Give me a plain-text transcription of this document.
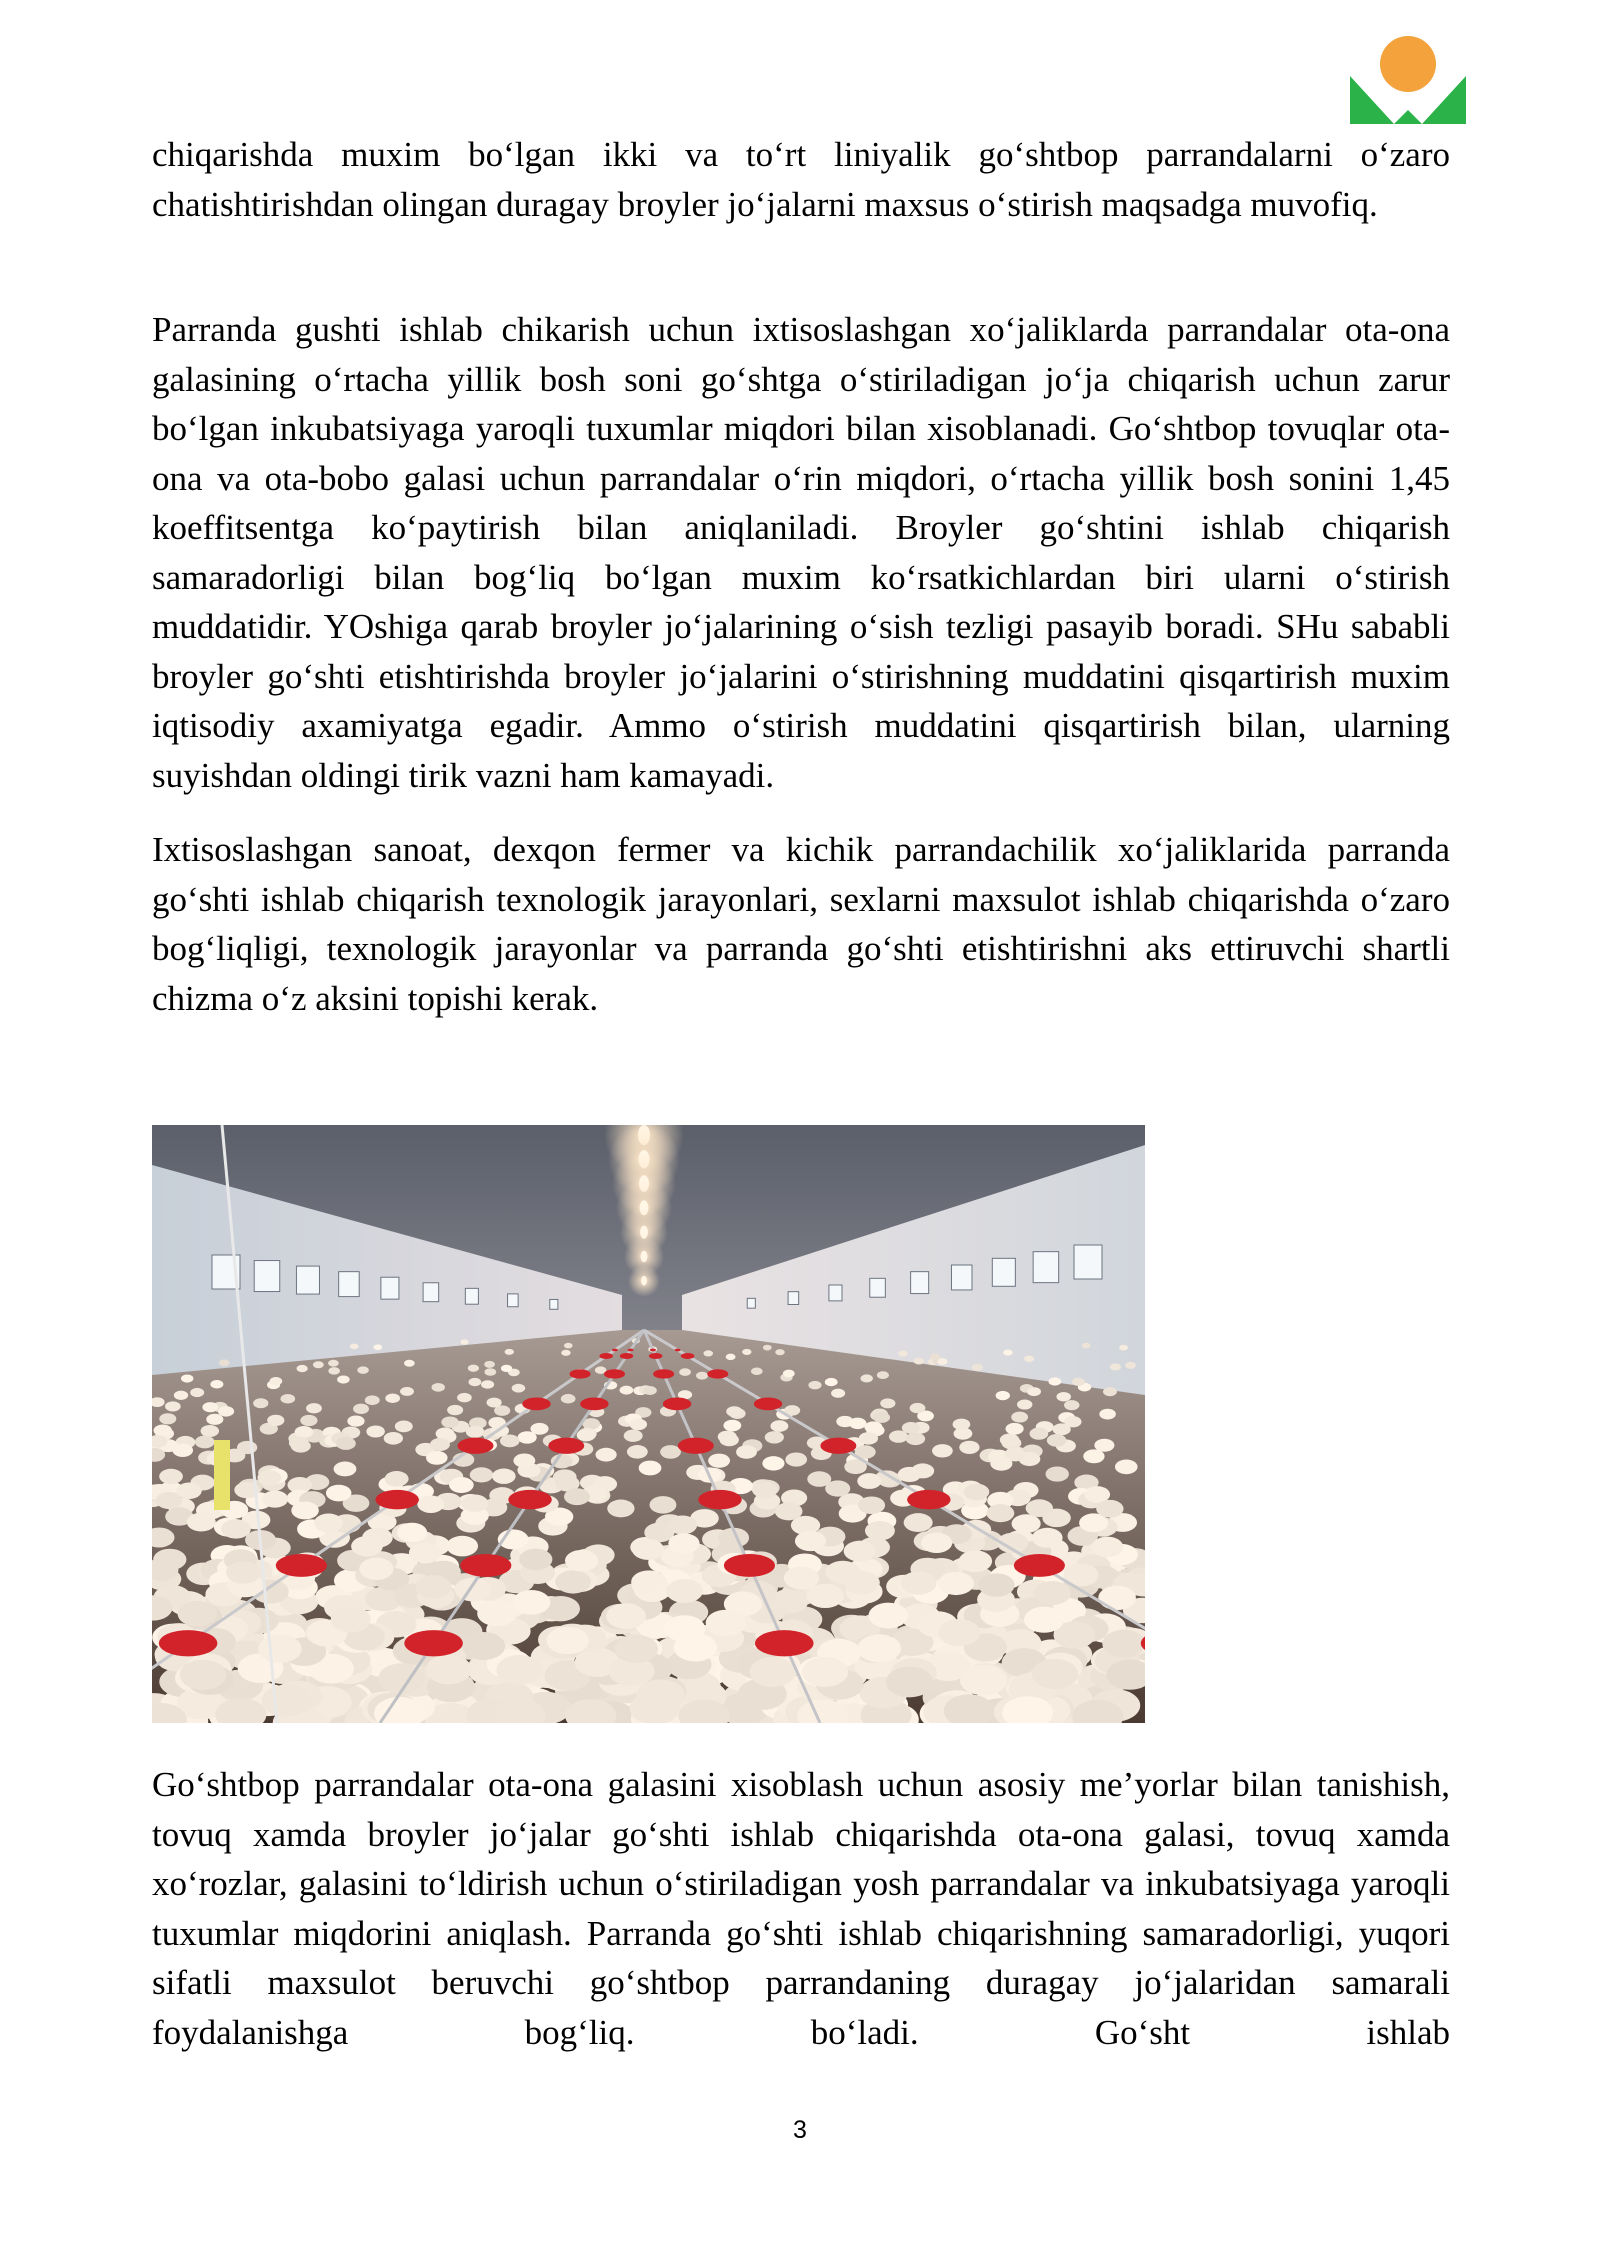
chiqarishda muxim bo‘lgan ikki va to‘rt liniyalik go‘shtbop parrandalarni o‘zaro chatishtirishdan olingan duragay broyler jo‘jalarni maxsus o‘stirish maqsadga muvofiq.

Parranda gushti ishlab chikarish uchun ixtisoslashgan xo‘jaliklarda parrandalar ota-ona galasining o‘rtacha yillik bosh soni go‘shtga o‘stiriladigan jo‘ja chiqarish uchun zarur bo‘lgan inkubatsiyaga yaroqli tuxumlar miqdori bilan xisoblanadi. Go‘shtbop tovuqlar ota-ona va ota-bobo galasi uchun parrandalar o‘rin miqdori, o‘rtacha yillik bosh sonini 1,45 koeffitsentga ko‘paytirish bilan aniqlaniladi. Broyler go‘shtini ishlab chiqarish samaradorligi bilan bog‘liq bo‘lgan muxim ko‘rsatkichlardan biri ularni o‘stirish muddatidir. YOshiga qarab broyler jo‘jalarining o‘sish tezligi pasayib boradi. SHu sababli broyler go‘shti etishtirishda broyler jo‘jalarini o‘stirishning muddatini qisqartirish muxim iqtisodiy axamiyatga egadir. Ammo o‘stirish muddatini qisqartirish bilan, ularning suyishdan oldingi tirik vazni ham kamayadi.

Ixtisoslashgan sanoat, dexqon fermer va kichik parrandachilik xo‘jaliklarida parranda go‘shti ishlab chiqarish texnologik jarayonlari, sexlarni maxsulot ishlab chiqarishda o‘zaro bog‘liqligi, texnologik jarayonlar va parranda go‘shti etishtirishni aks ettiruvchi shartli chizma o‘z aksini topishi kerak.

Go‘shtbop parrandalar ota-ona galasini xisoblash uchun asosiy me’yorlar bilan tanishish, tovuq xamda broyler jo‘jalar go‘shti ishlab chiqarishda ota-ona galasi, tovuq xamda xo‘rozlar, galasini to‘ldirish uchun o‘stiriladigan yosh parrandalar va inkubatsiyaga yaroqli tuxumlar miqdorini aniqlash. Parranda go‘shti ishlab chiqarishning samaradorligi, yuqori sifatli maxsulot beruvchi go‘shtbop parrandaning duragay jo‘jalaridan samarali foydalanishga bog‘liq. bo‘ladi. Go‘sht ishlab

3
